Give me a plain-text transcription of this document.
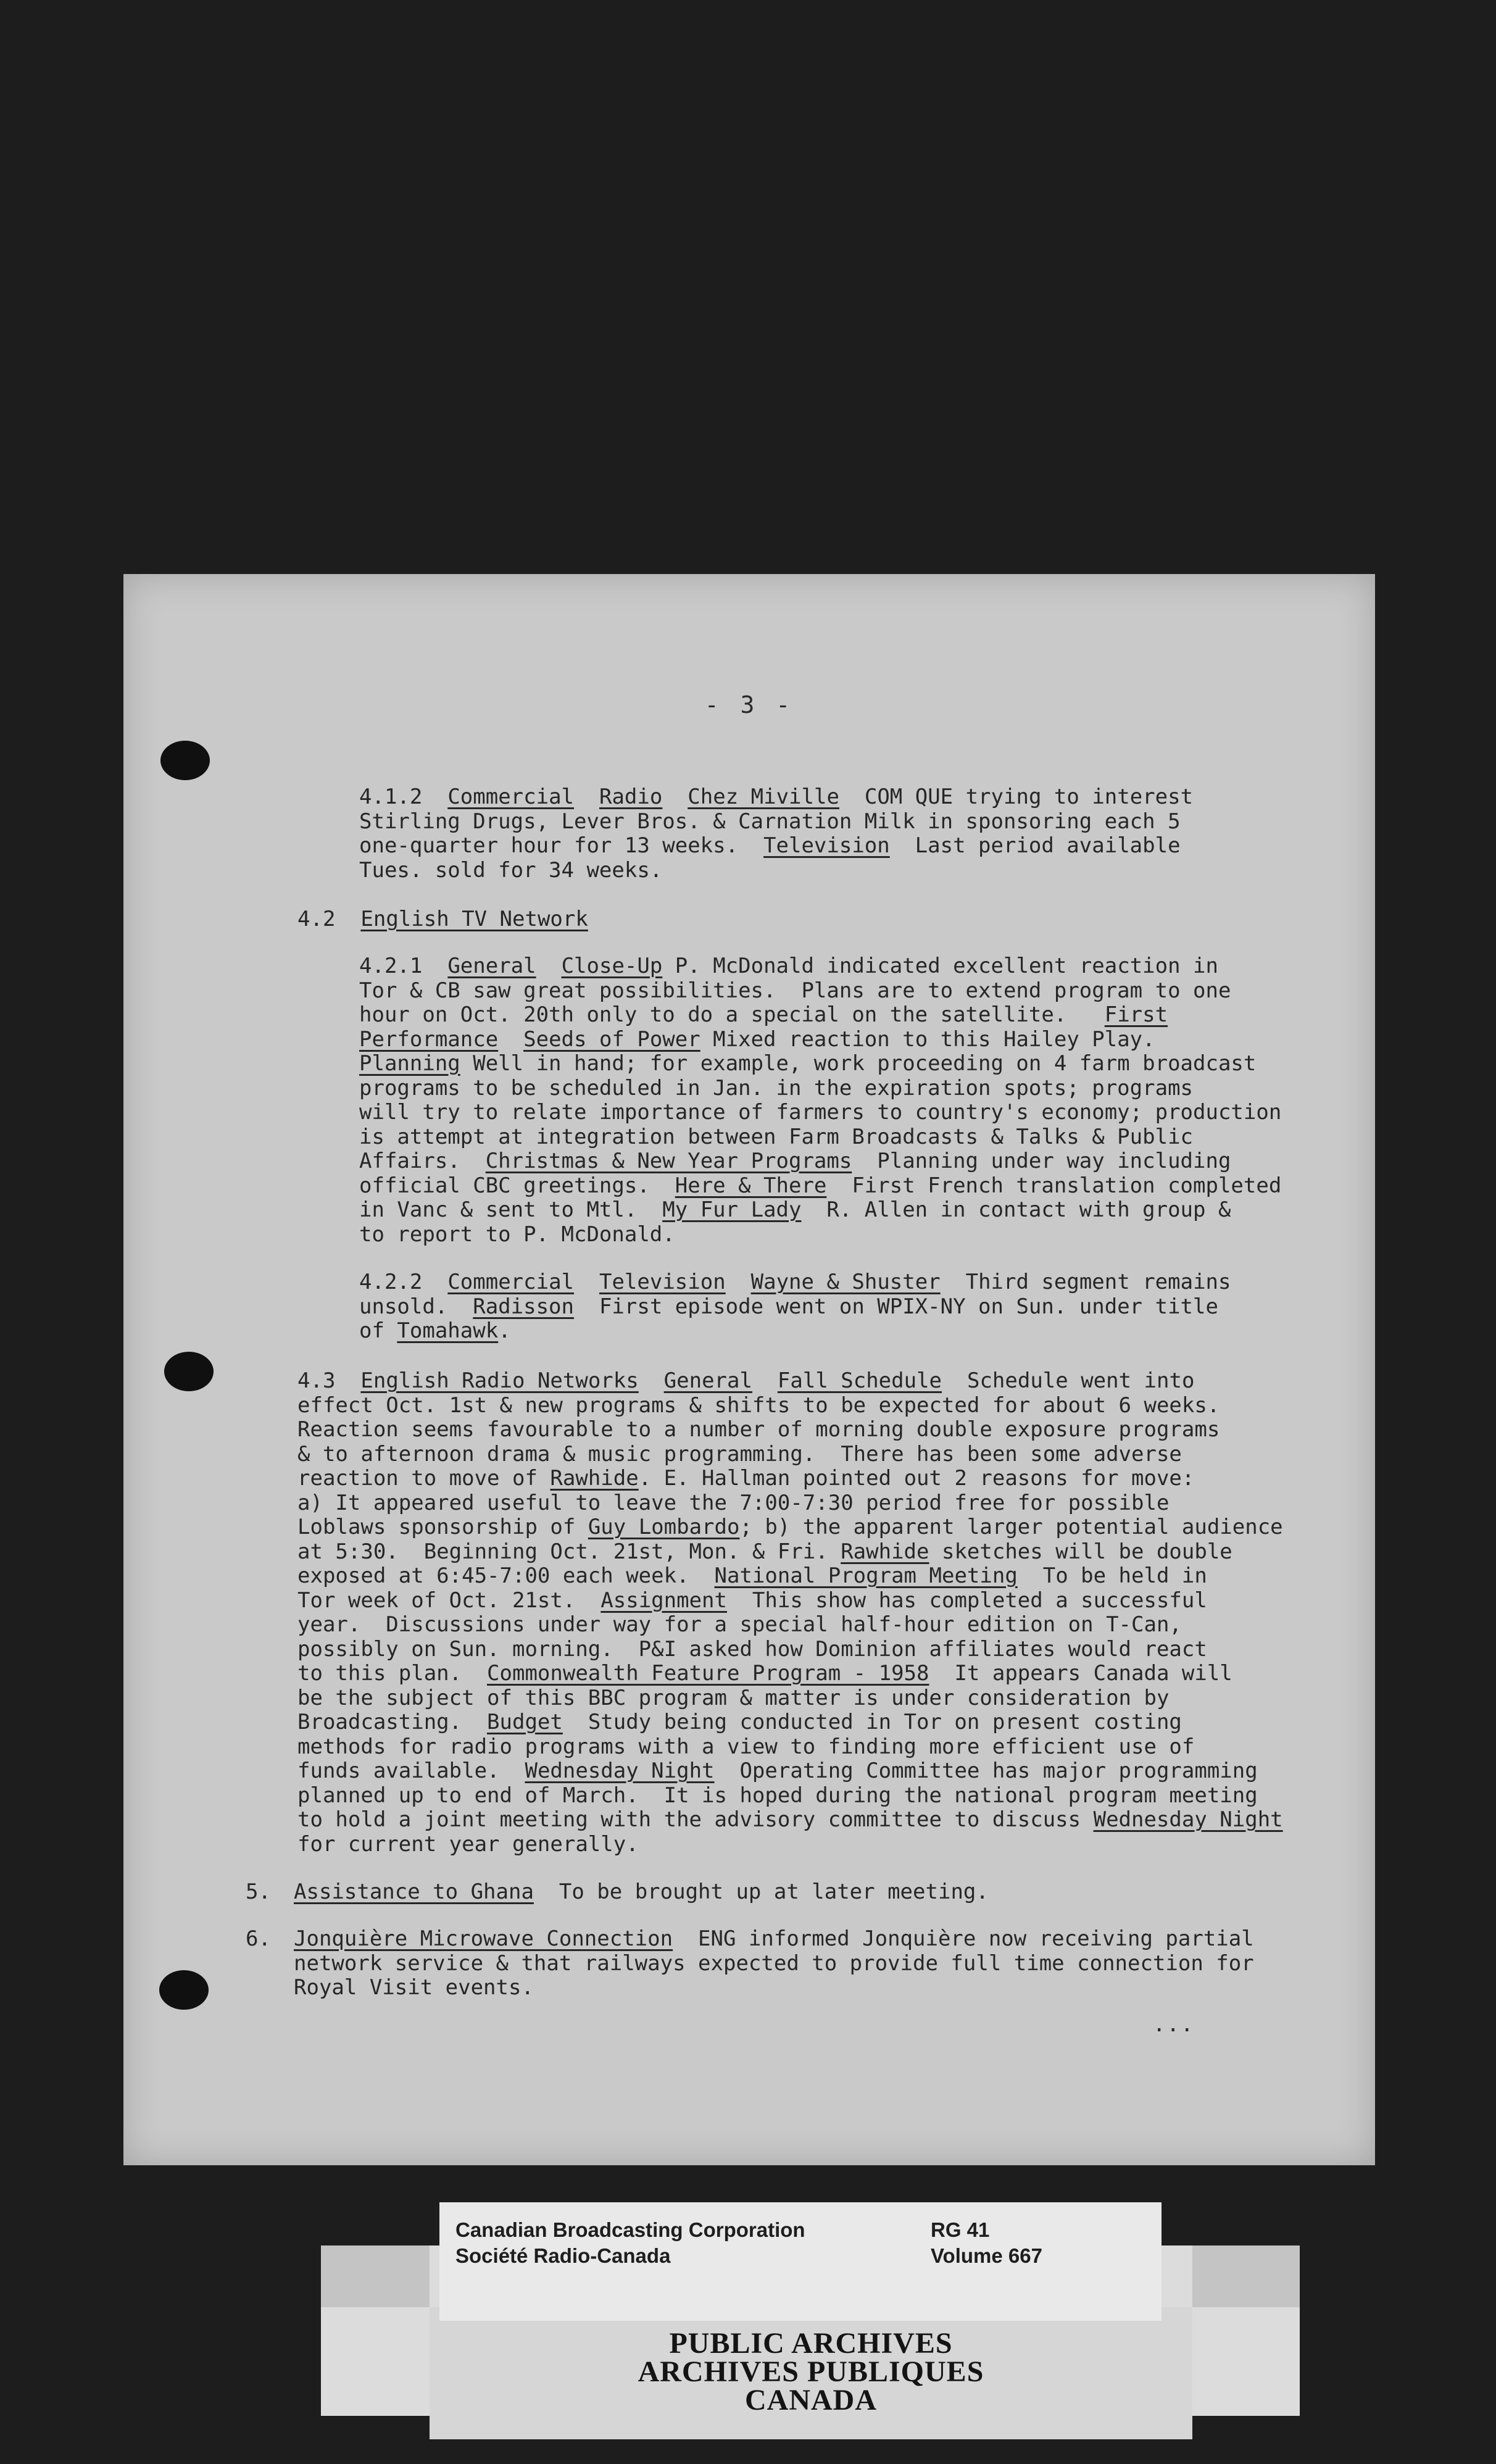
- 3 -
4.1.2 Commercial Radio Chez Miville  COM QUE trying to interest
Stirling Drugs, Lever Bros. & Carnation Milk in sponsoring each 5
one-quarter hour for 13 weeks.  Television  Last period available
Tues. sold for 34 weeks.
4.2 English TV Network
4.2.1 General Close-Up P. McDonald indicated excellent reaction in
Tor & CB saw great possibilities.  Plans are to extend program to one
hour on Oct. 20th only to do a special on the satellite.   First
Performance Seeds of Power Mixed reaction to this Hailey Play.
Planning Well in hand; for example, work proceeding on 4 farm broadcast
programs to be scheduled in Jan. in the expiration spots; programs
will try to relate importance of farmers to country's economy; production
is attempt at integration between Farm Broadcasts & Talks & Public
Affairs.  Christmas & New Year Programs  Planning under way including
official CBC greetings.  Here & There  First French translation completed
in Vanc & sent to Mtl.  My Fur Lady  R. Allen in contact with group &
to report to P. McDonald.
4.2.2 Commercial Television Wayne & Shuster  Third segment remains
unsold.  Radisson  First episode went on WPIX-NY on Sun. under title
of Tomahawk.
4.3 English Radio Networks General Fall Schedule  Schedule went into
effect Oct. 1st & new programs & shifts to be expected for about 6 weeks.
Reaction seems favourable to a number of morning double exposure programs
& to afternoon drama & music programming.  There has been some adverse
reaction to move of Rawhide. E. Hallman pointed out 2 reasons for move:
a) It appeared useful to leave the 7:00-7:30 period free for possible
Loblaws sponsorship of Guy Lombardo; b) the apparent larger potential audience
at 5:30.  Beginning Oct. 21st, Mon. & Fri. Rawhide sketches will be double
exposed at 6:45-7:00 each week.  National Program Meeting  To be held in
Tor week of Oct. 21st.  Assignment  This show has completed a successful
year.  Discussions under way for a special half-hour edition on T-Can,
possibly on Sun. morning.  P&I asked how Dominion affiliates would react
to this plan.  Commonwealth Feature Program - 1958  It appears Canada will
be the subject of this BBC program & matter is under consideration by
Broadcasting.  Budget  Study being conducted in Tor on present costing
methods for radio programs with a view to finding more efficient use of
funds available.  Wednesday Night  Operating Committee has major programming
planned up to end of March.  It is hoped during the national program meeting
to hold a joint meeting with the advisory committee to discuss Wednesday Night
for current year generally.
5. Assistance to Ghana  To be brought up at later meeting.
6. Jonquière Microwave Connection  ENG informed Jonquière now receiving partial
network service & that railways expected to provide full time connection for
Royal Visit events.
...
PUBLIC ARCHIVES
ARCHIVES PUBLIQUES
CANADA
Canadian Broadcasting Corporation
Société Radio-Canada
RG 41
Volume 667
